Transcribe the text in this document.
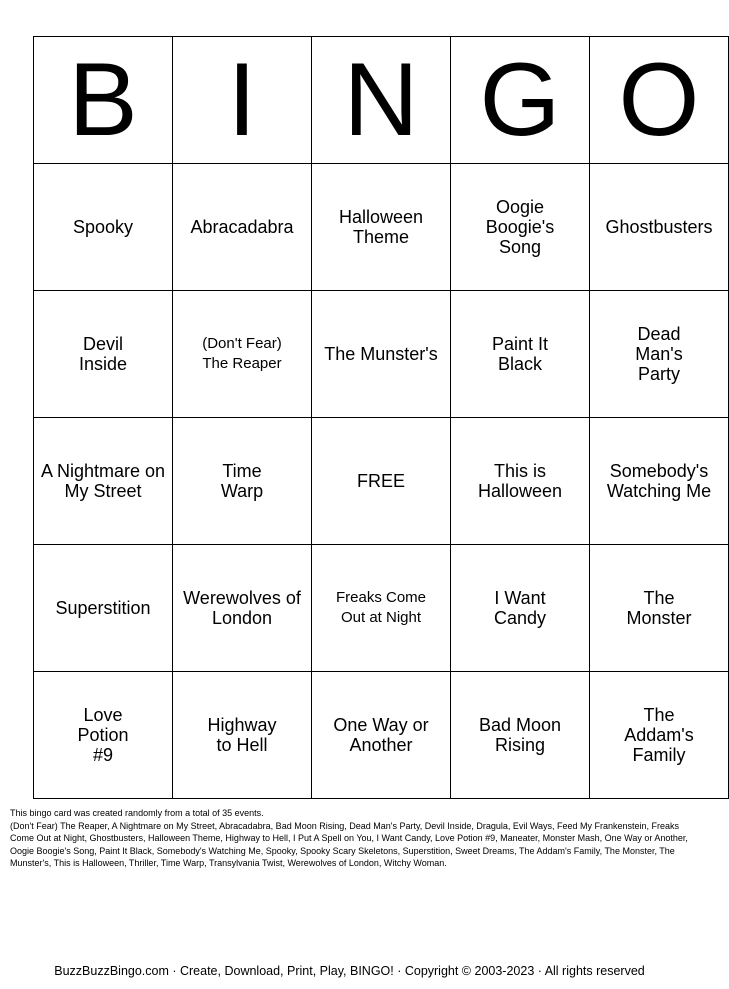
B	I	N	G	O
Spooky	Abracadabra	Halloween Theme	Oogie Boogie's Song	Ghostbusters
Devil Inside	(Don't Fear) The Reaper	The Munster's	Paint It Black	Dead Man's Party
A Nightmare on My Street	Time Warp	FREE	This is Halloween	Somebody's Watching Me
Superstition	Werewolves of London	Freaks Come Out at Night	I Want Candy	The Monster
Love Potion #9	Highway to Hell	One Way or Another	Bad Moon Rising	The Addam's Family
This bingo card was created randomly from a total of 35 events.
(Don't Fear) The Reaper, A Nightmare on My Street, Abracadabra, Bad Moon Rising, Dead Man's Party, Devil Inside, Dragula, Evil Ways, Feed My Frankenstein, Freaks Come Out at Night, Ghostbusters, Halloween Theme, Highway to Hell, I Put A Spell on You, I Want Candy, Love Potion #9, Maneater, Monster Mash, One Way or Another, Oogie Boogie's Song, Paint It Black, Somebody's Watching Me, Spooky, Spooky Scary Skeletons, Superstition, Sweet Dreams, The Addam's Family, The Monster, The Munster's, This is Halloween, Thriller, Time Warp, Transylvania Twist, Werewolves of London, Witchy Woman.
BuzzBuzzBingo.com · Create, Download, Print, Play, BINGO! · Copyright © 2003-2023 · All rights reserved
